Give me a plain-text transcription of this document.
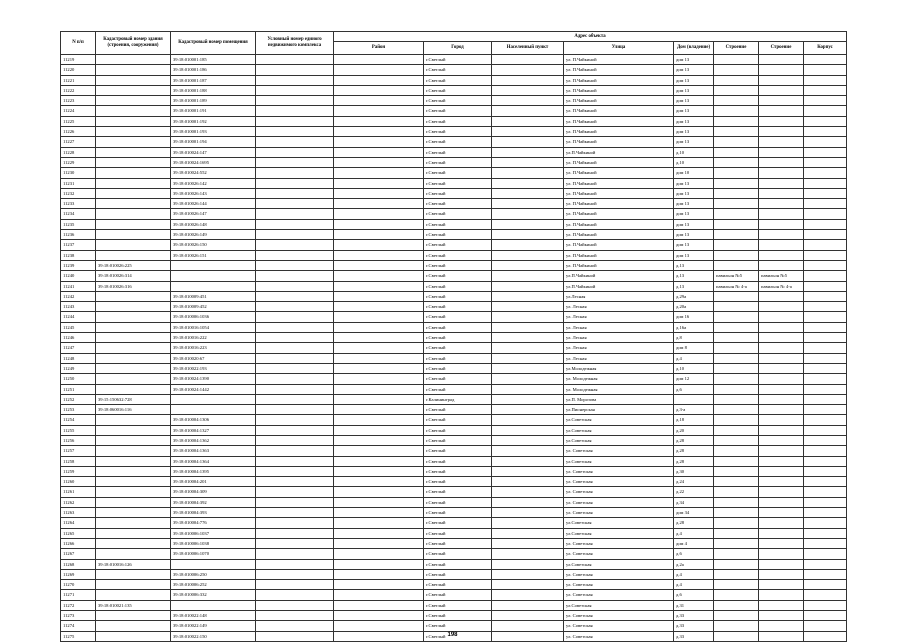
N п/п	Кадастровый номер здания (строения, сооружения)	Кадастровый номер помещения	Условный номер единого недвижимого комплекса	Адрес объекта							
				Район	Город	Населенный пункт	Улица	Дом (владение)	Строение	Строение	Корпус
11219		39:18:010001:185			г.Светлый		ул. П.Чайкиной	дом 13			
11220		39:18:010001:186			г.Светлый		ул. П.Чайкиной	дом 13			
11221		39:18:010001:187			г.Светлый		ул. П.Чайкиной	дом 13			
11222		39:18:010001:188			г.Светлый		ул. П.Чайкиной	дом 13			
11223		39:18:010001:189			г.Светлый		ул. П.Чайкиной	дом 13			
11224		39:18:010001:191			г.Светлый		ул. П.Чайкиной	дом 13			
11225		39:18:010001:192			г.Светлый		ул. П.Чайкиной	дом 13			
11226		39:18:010001:193			г.Светлый		ул. П.Чайкиной	дом 13			
11227		39:18:010001:194			г.Светлый		ул. П.Чайкиной	дом 13			
11228		39:18:010024:147			г.Светлый		ул.П.Чайкиной	д.10			
11229		39:18:010024:1695			г.Светлый		ул. П.Чайкиной	д.10			
11230		39:18:010024:552			г.Светлый		ул. П.Чайкиной	дом 10			
11231		39:18:010026:142			г.Светлый		ул. П.Чайкиной	дом 13			
11232		39:18:010026:143			г.Светлый		ул. П.Чайкиной	дом 13			
11233		39:18:010026:144			г.Светлый		ул. П.Чайкиной	дом 13			
11234		39:18:010026:147			г.Светлый		ул. П.Чайкиной	дом 13			
11235		39:18:010026:148			г.Светлый		ул. П.Чайкиной	дом 13			
11236		39:18:010026:149			г.Светлый		ул. П.Чайкиной	дом 13			
11237		39:18:010026:150			г.Светлый		ул. П.Чайкиной	дом 13			
11238		39:18:010026:151			г.Светлый		ул. П.Чайкиной	дом 13			
11239	39:18:010026:225				г.Светлый		ул. П.Чайкиной	д.13			
11240	39:18:010026:314				г.Светлый		ул.П.Чайкиной	д.13	павильон №5	павильон №5	
11241	39:18:010026:316				г.Светлый		ул.П.Чайкиной	д.13	павильон № 4-а	павильон № 4-а	
11242		39:18:010009:451			г.Светлый		ул.Лесная	д.29а			
11243		39:18:010009:452			г.Светлый		ул. Лесная	д.20а			
11244		39:18:010006:1036			г.Светлый		ул. Лесная	дом 16			
11245		39:18:010016:1054			г.Светлый		ул. Лесная	д.16а			
11246		39:18:010016:222			г.Светлый		ул. Лесная	д.8			
11247		39:18:010016:223			г.Светлый		ул. Лесная	дом 8			
11248		39:18:010020:67			г.Светлый		ул. Лесная	д.4			
11249		39:18:010022:193			г.Светлый		ул.Молодежная	д.10			
11250		39:18:010024:1390			г.Светлый		ул. Молодежная	дом 12			
11251		39:18:010024:1442			г.Светлый		ул. Молодежная	д.6			
11252	39:15:150632:728				г.Калининград		ул.П. Морозова				
11253	39:18:060016:116				г.Светлый		ул.Пионерская	д.3-а			
11254		39:18:010004:1306			г.Светлый		ул.Советская	д.18			
11255		39:18:010004:1327			г.Светлый		ул.Советская	д.20			
11256		39:18:010004:1362			г.Светлый		ул.Советская	д.28			
11257		39:18:010004:1363			г.Светлый		ул. Советская	д.28			
11258		39:18:010004:1364			г.Светлый		ул.Советская	д.28			
11259		39:18:010004:1395			г.Светлый		ул. Советская	д.30			
11260		39:18:010004:201			г.Светлый		ул. Советская	д.24			
11261		39:18:010004:309			г.Светлый		ул. Советская	д.22			
11262		39:18:010004:392			г.Светлый		ул. Советская	д.34			
11263		39:18:010004:393			г.Светлый		ул. Советская	дом 34			
11264		39:18:010004:776			г.Светлый		ул.Советская	д.28			
11265		39:18:010006:1037			г.Светлый		ул.Советская	д.4			
11266		39:18:010006:1038			г.Светлый		ул. Советская	дом 4			
11267		39:18:010006:1070			г.Светлый		ул. Советская	д.6			
11268	39:18:010016:126				г.Светлый		ул.Советская	д.2а			
11269		39:18:010006:250			г.Светлый		ул. Советская	д.4			
11270		39:18:010006:252			г.Светлый		ул. Советская	д.4			
11271		39:18:010006:332			г.Светлый		ул. Советская	д.6			
11272	39:18:010021:135				г.Светлый		ул.Советская	д.31			
11273		39:18:010022:148			г.Светлый		ул. Советская	д.33			
11274		39:18:010022:149			г.Светлый		ул. Советская	д.33			
11275		39:18:010022:150			г.Светлый		ул. Советская	д.33			
198
